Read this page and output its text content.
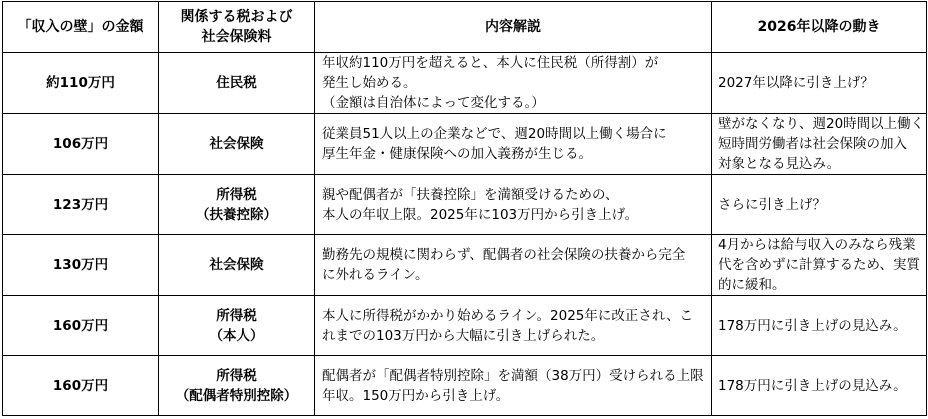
「収入の壁」の金額	関係する税および
社会保険料	内容解説	2026年以降の動き
約110万円	住民税	年収約110万円を超えると、本人に住民税（所得割）が
発生し始める。
（金額は自治体によって変化する。）	2027年以降に引き上げ？

106万円	社会保険	従業員51人以上の企業などで、週20時間以上働く場合に
厚生年金・健康保険への加入義務が生じる。	壁がなくなり、週20時間以上働く
短時間労働者は社会保険の加入
対象となる見込み。

123万円	所得税
（扶養控除）	親や配偶者が「扶養控除」を満額受けるための、
本人の年収上限。2025年に103万円から引き上げ。	さらに引き上げ？

130万円	社会保険	勤務先の規模に関わらず、配偶者の社会保険の扶養から完全
に外れるライン。	4月からは給与収入のみなら残業
代を含めずに計算するため、実質
的に緩和。

160万円	所得税
（本人）	本人に所得税がかかり始めるライン。2025年に改正され、こ
れまでの103万円から大幅に引き上げられた。	178万円に引き上げの見込み。

160万円	所得税
（配偶者特別控除）	配偶者が「配偶者特別控除」を満額（38万円）受けられる上限
年収。150万円から引き上げ。	178万円に引き上げの見込み。
